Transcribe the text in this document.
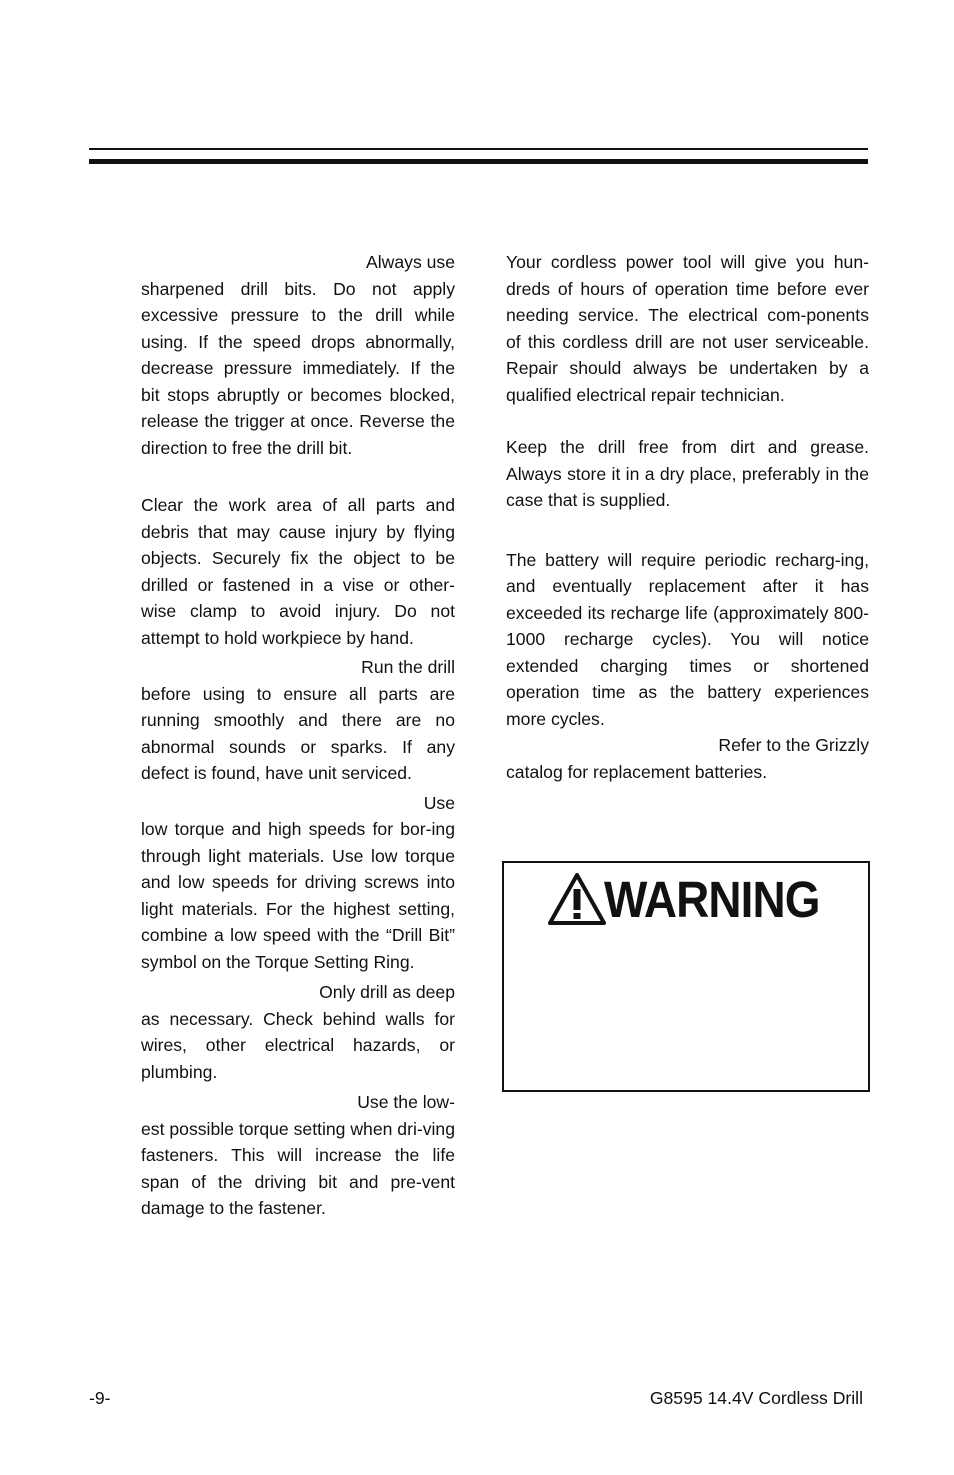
Always use
sharpened drill bits. Do not apply excessive pressure to the drill while using. If the speed drops abnormally, decrease pressure immediately. If the bit stops abruptly or becomes blocked, release the trigger at once. Reverse the direction to free the drill bit.
Clear the work area of all parts and debris that may cause injury by flying objects. Securely fix the object to be drilled or fastened in a vise or other-wise clamp to avoid injury. Do not attempt to hold workpiece by hand.
Run the drill
before using to ensure all parts are running smoothly and there are no abnormal sounds or sparks. If any defect is found, have unit serviced.
Use
low torque and high speeds for bor-ing through light materials. Use low torque and low speeds for driving screws into light materials. For the highest setting, combine a low speed with the “Drill Bit” symbol on the Torque Setting Ring.
Only drill as deep
as necessary. Check behind walls for wires, other electrical hazards, or plumbing.
Use the low-
est possible torque setting when dri-ving fasteners. This will increase the life span of the driving bit and pre-vent damage to the fastener.
Your cordless power tool will give you hun-dreds of hours of operation time before ever needing service. The electrical com-ponents of this cordless drill are not user serviceable. Repair should always be undertaken by a qualified electrical repair technician.
Keep the drill free from dirt and grease. Always store it in a dry place, preferably in the case that is supplied.
The battery will require periodic recharg-ing, and eventually replacement after it has exceeded its recharge life (approximately 800-1000 recharge cycles). You will notice extended charging times or shortened operation time as the battery experiences more cycles.
Refer to the Grizzly
catalog for replacement batteries.
WARNING
-9-	G8595 14.4V Cordless Drill
